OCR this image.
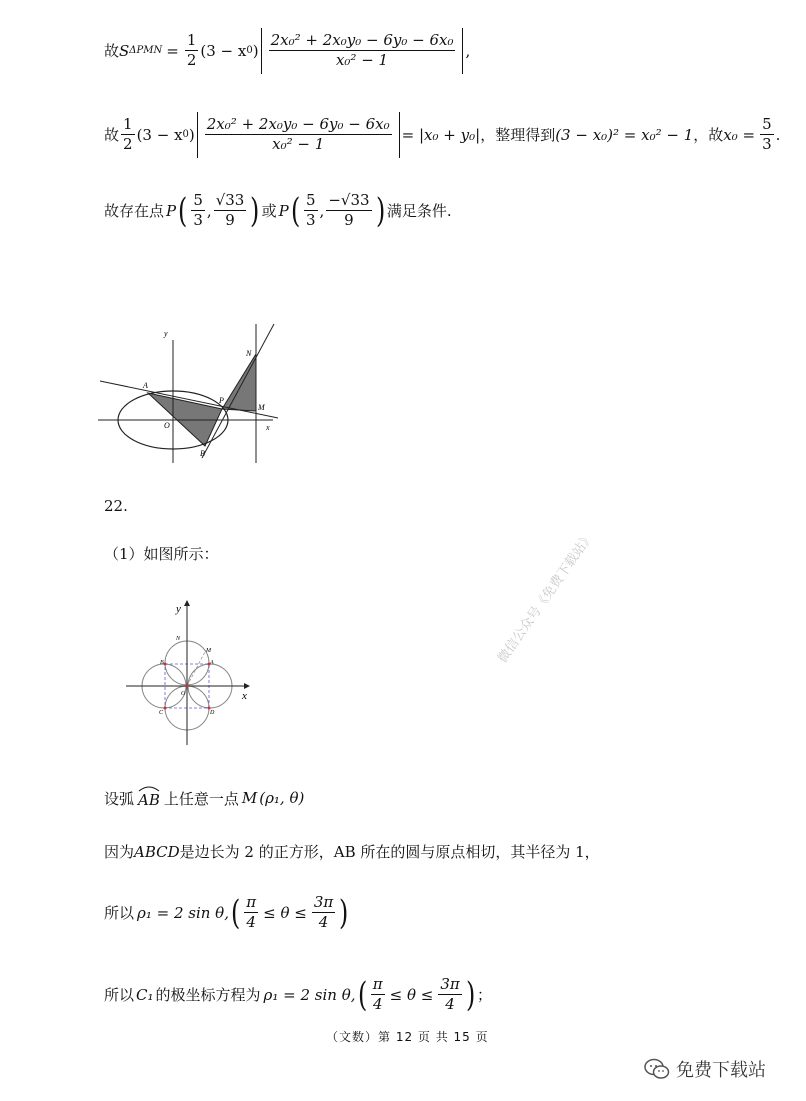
故 S $\Delta PMN = \frac{1}{2} (3 - x$ 0 ) $\frac{\text{2x₀² + 2x₀y₀ − 6y₀ − 6x₀}}{\text{x₀² − 1}}$ ,
故 $\frac{1}{2} (3 - x$ 0 ) $\frac{\text{2x₀² + 2x₀y₀ − 6y₀ − 6x₀}}{\text{x₀² − 1}} = |x_0 + y_0|$ ，整理得到 (3 − x₀)² = x₀² − 1 ，故 $x_0 = \frac{5}{3}$ .
故存在点 P ( $\frac{5}{3}$ , $\frac{√33}{9}$ ) 或 P ( $\frac{5}{3}$ , $\frac{-√33}{9}$ ) 满足条件.
y
x
O
A
B
P
N
M
22.
（1）如图所示：
y
x
O
N
M
B	A
C	D
微信公众号《免费下载站》
设弧 AB 上任意一点 M (ρ₁, θ)
因为 ABCD 是边长为 2 的正方形，AB 所在的圆与原点相切，其半径为 1，
所以 ρ₁ = 2 sin θ, ( $\frac{\pi}{4} \le \theta \le \frac{3\pi}{4}$ )
所以 C₁ 的极坐标方程为 ρ₁ = 2 sin θ, ( $\frac{\pi}{4} \le \theta \le \frac{3\pi}{4}$ ) ；
（文数）第 12 页 共 15 页
免费下载站
